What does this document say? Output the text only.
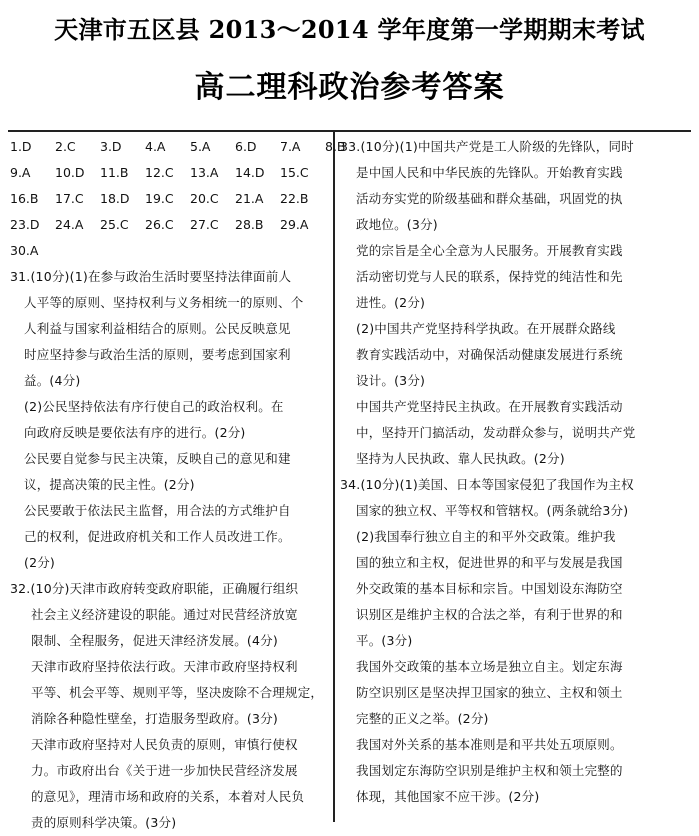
天津市五区县 2013～2014 学年度第一学期期末考试
高二理科政治参考答案
1.D	2.C	3.D	4.A	5.A	6.D	7.A	8.B
9.A	10.D	11.B	12.C	13.A	14.D	15.C
16.B	17.C	18.D	19.C	20.C	21.A	22.B
23.D	24.A	25.C	26.C	27.C	28.B	29.A
30.A
31.(10分)(1)在参与政治生活时要坚持法律面前人
人平等的原则、坚持权利与义务相统一的原则、个
人利益与国家利益相结合的原则。公民反映意见
时应坚持参与政治生活的原则，要考虑到国家利
益。(4分)
(2)公民坚持依法有序行使自己的政治权利。在
向政府反映是要依法有序的进行。(2分)
公民要自觉参与民主决策，反映自己的意见和建
议，提高决策的民主性。(2分)
公民要敢于依法民主监督，用合法的方式维护自
己的权利，促进政府机关和工作人员改进工作。
(2分)
32.(10分)天津市政府转变政府职能，正确履行组织
社会主义经济建设的职能。通过对民营经济放宽
限制、全程服务，促进天津经济发展。(4分)
天津市政府坚持依法行政。天津市政府坚持权利
平等、机会平等、规则平等，坚决废除不合理规定，
消除各种隐性壁垒，打造服务型政府。(3分)
天津市政府坚持对人民负责的原则，审慎行使权
力。市政府出台《关于进一步加快民营经济发展
的意见》，理清市场和政府的关系，本着对人民负
责的原则科学决策。(3分)
33.(10分)(1)中国共产党是工人阶级的先锋队，同时
是中国人民和中华民族的先锋队。开始教育实践
活动夯实党的阶级基础和群众基础，巩固党的执
政地位。(3分)
党的宗旨是全心全意为人民服务。开展教育实践
活动密切党与人民的联系，保持党的纯洁性和先
进性。(2分)
(2)中国共产党坚持科学执政。在开展群众路线
教育实践活动中，对确保活动健康发展进行系统
设计。(3分)
中国共产党坚持民主执政。在开展教育实践活动
中，坚持开门搞活动，发动群众参与，说明共产党
坚持为人民执政、靠人民执政。(2分)
34.(10分)(1)美国、日本等国家侵犯了我国作为主权
国家的独立权、平等权和管辖权。(两条就给3分)
(2)我国奉行独立自主的和平外交政策。维护我
国的独立和主权，促进世界的和平与发展是我国
外交政策的基本目标和宗旨。中国划设东海防空
识别区是维护主权的合法之举，有利于世界的和
平。(3分)
我国外交政策的基本立场是独立自主。划定东海
防空识别区是坚决捍卫国家的独立、主权和领土
完整的正义之举。(2分)
我国对外关系的基本准则是和平共处五项原则。
我国划定东海防空识别是维护主权和领土完整的
体现，其他国家不应干涉。(2分)
